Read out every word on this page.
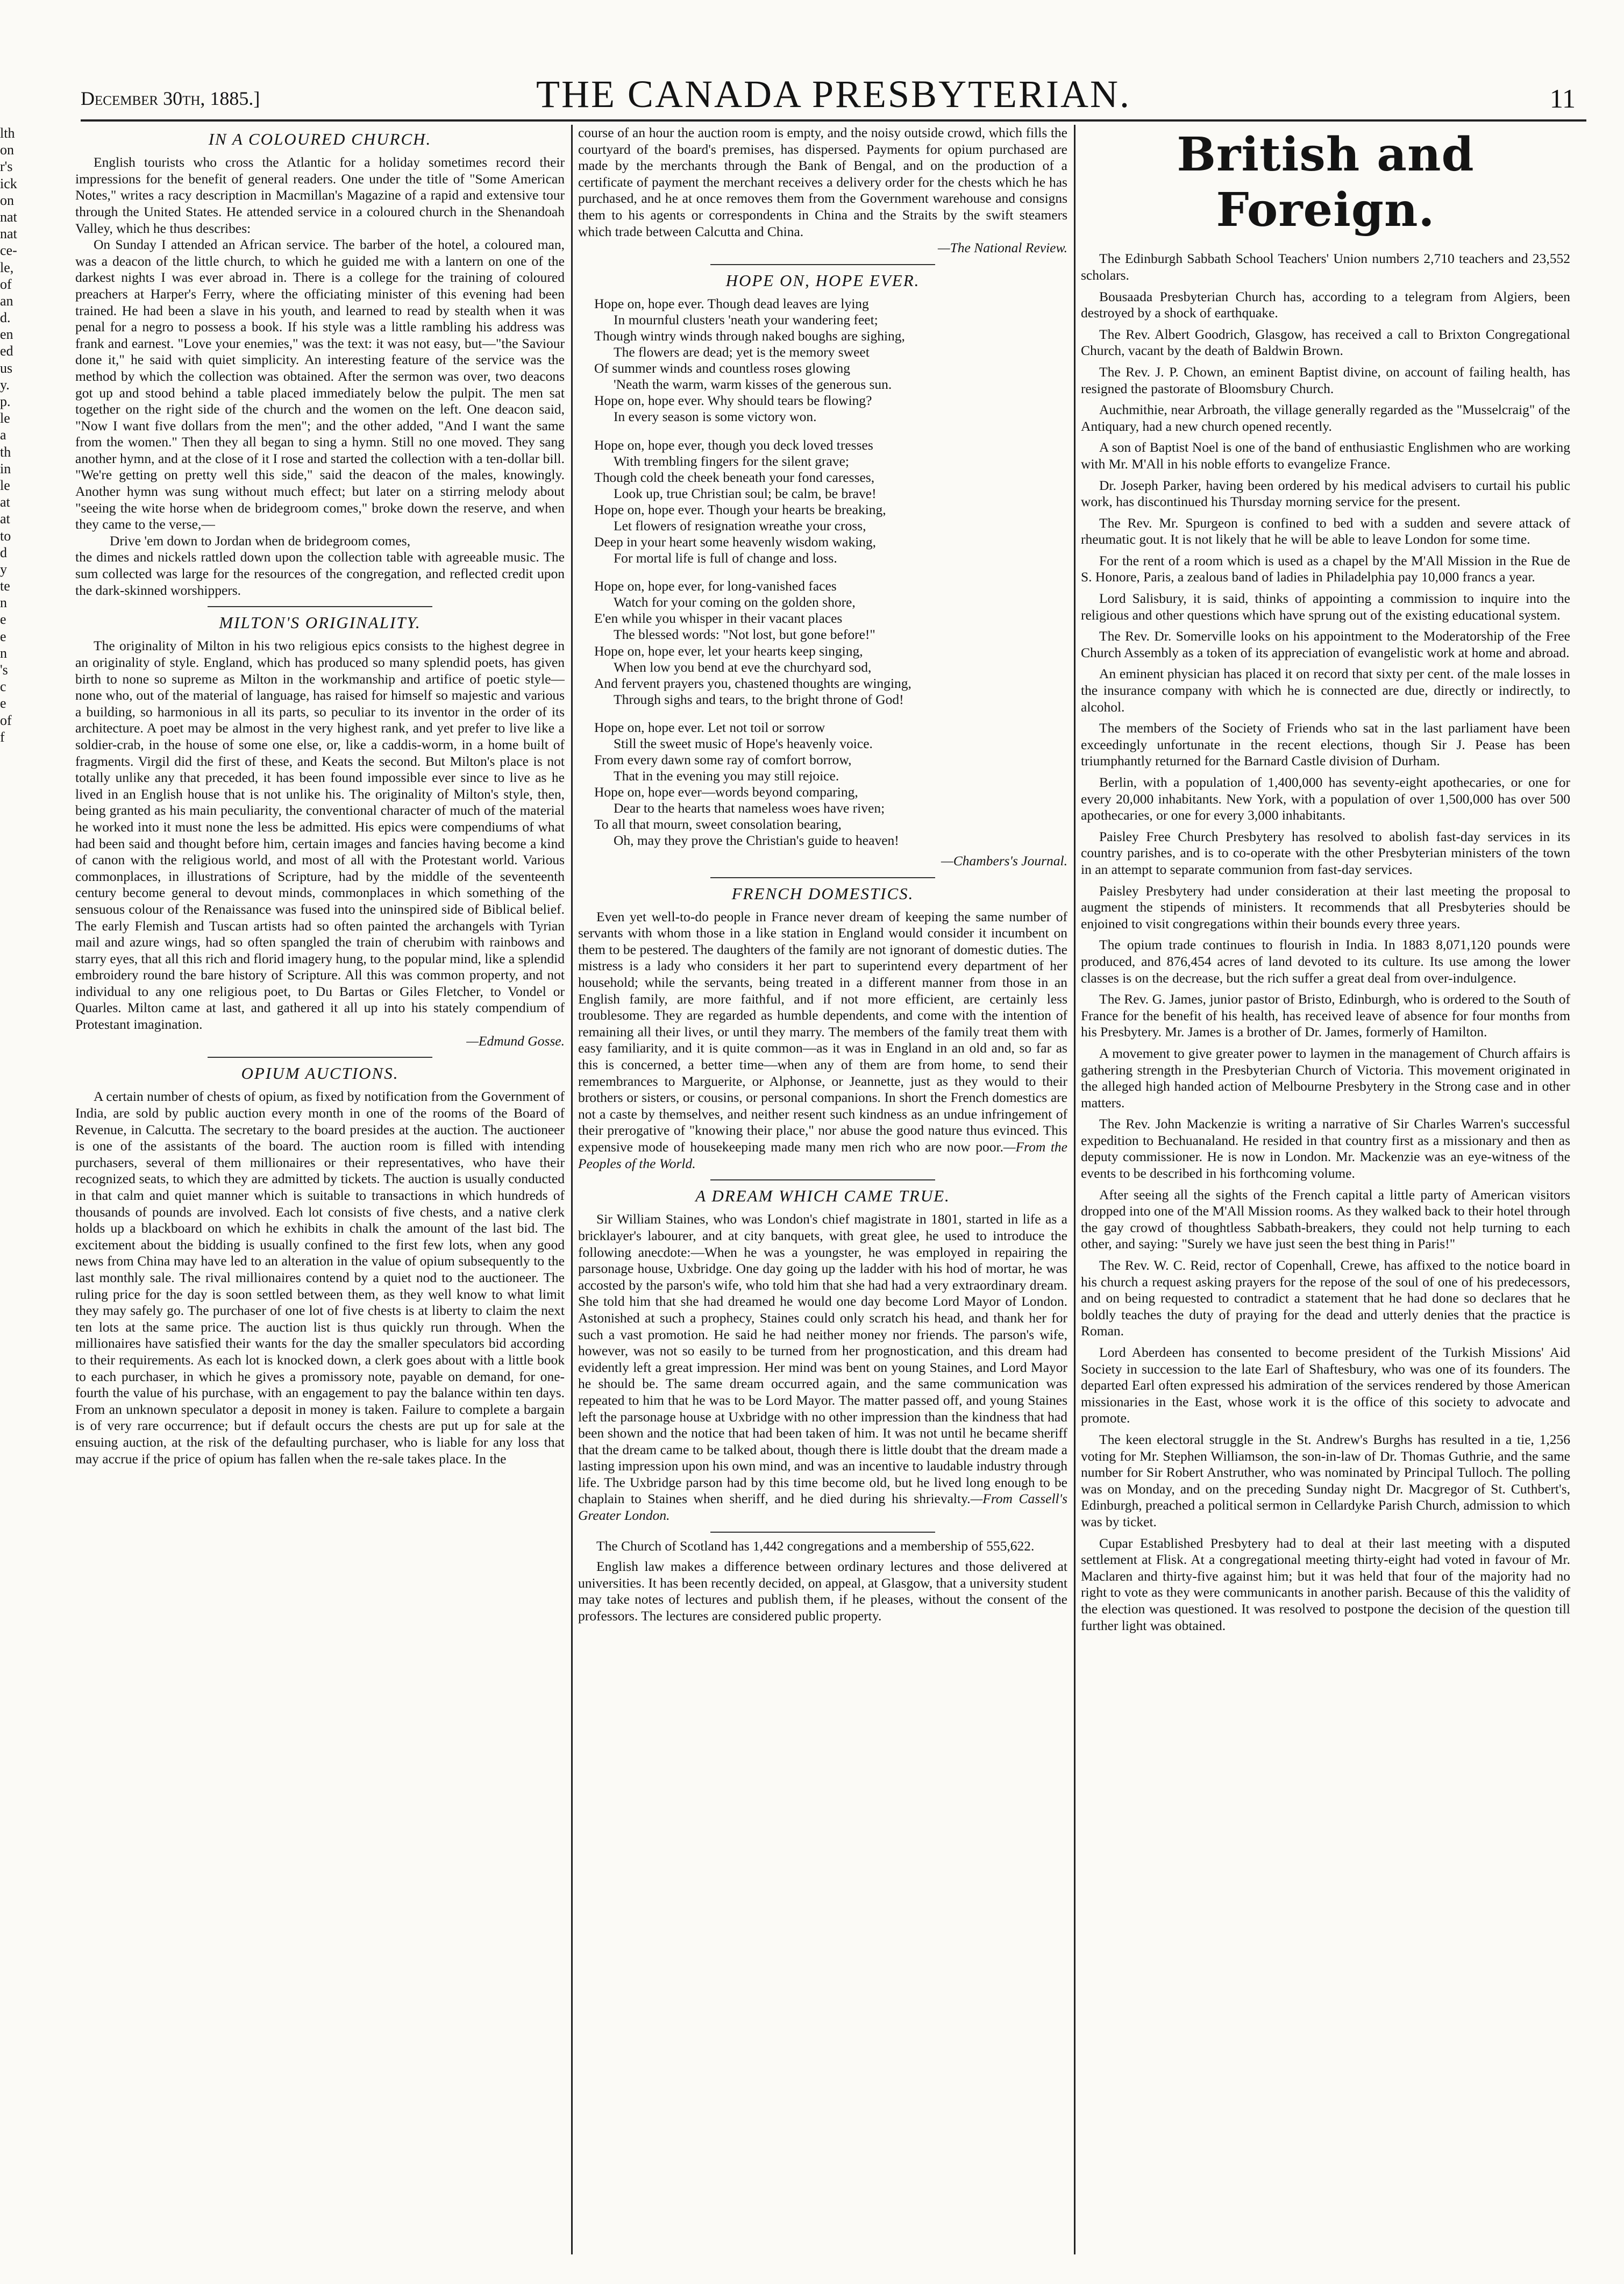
lth
on
r's
ick
on
nat
nat
ce-
le,
of
an
d.
en
ed
us
y.
p.
le
a
th
in
le
at
at
to
d
y
te
n
e
e
n
's
c
e
of
f
December 30th, 1885.]	THE CANADA PRESBYTERIAN.	11
IN A COLOURED CHURCH.

English tourists who cross the Atlantic for a holiday sometimes record their impressions for the benefit of general readers. One under the title of "Some American Notes," writes a racy description in Macmillan's Magazine of a rapid and extensive tour through the United States. He attended service in a coloured church in the Shenandoah Valley, which he thus describes:

On Sunday I attended an African service. The barber of the hotel, a coloured man, was a deacon of the little church, to which he guided me with a lantern on one of the darkest nights I was ever abroad in. There is a college for the training of coloured preachers at Harper's Ferry, where the officiating minister of this evening had been trained. He had been a slave in his youth, and learned to read by stealth when it was penal for a negro to possess a book. If his style was a little rambling his address was frank and earnest. "Love your enemies," was the text: it was not easy, but—"the Saviour done it," he said with quiet simplicity. An interesting feature of the service was the method by which the collection was obtained. After the sermon was over, two deacons got up and stood behind a table placed immediately below the pulpit. The men sat together on the right side of the church and the women on the left. One deacon said, "Now I want five dollars from the men"; and the other added, "And I want the same from the women." Then they all began to sing a hymn. Still no one moved. They sang another hymn, and at the close of it I rose and started the collection with a ten-dollar bill. "We're getting on pretty well this side," said the deacon of the males, knowingly. Another hymn was sung without much effect; but later on a stirring melody about "seeing the wite horse when de bridegroom comes," broke down the reserve, and when they came to the verse,—

Drive 'em down to Jordan when de bridegroom comes,

the dimes and nickels rattled down upon the collection table with agreeable music. The sum collected was large for the resources of the congregation, and reflected credit upon the dark-skinned worshippers.

MILTON'S ORIGINALITY.

The originality of Milton in his two religious epics consists to the highest degree in an originality of style. England, which has produced so many splendid poets, has given birth to none so supreme as Milton in the workmanship and artifice of poetic style—none who, out of the material of language, has raised for himself so majestic and various a building, so harmonious in all its parts, so peculiar to its inventor in the order of its architecture. A poet may be almost in the very highest rank, and yet prefer to live like a soldier-crab, in the house of some one else, or, like a caddis-worm, in a home built of fragments. Virgil did the first of these, and Keats the second. But Milton's place is not totally unlike any that preceded, it has been found impossible ever since to live as he lived in an English house that is not unlike his. The originality of Milton's style, then, being granted as his main peculiarity, the conventional character of much of the material he worked into it must none the less be admitted. His epics were compendiums of what had been said and thought before him, certain images and fancies having become a kind of canon with the religious world, and most of all with the Protestant world. Various commonplaces, in illustrations of Scripture, had by the middle of the seventeenth century become general to devout minds, commonplaces in which something of the sensuous colour of the Renaissance was fused into the uninspired side of Biblical belief. The early Flemish and Tuscan artists had so often painted the archangels with Tyrian mail and azure wings, had so often spangled the train of cherubim with rainbows and starry eyes, that all this rich and florid imagery hung, to the popular mind, like a splendid embroidery round the bare history of Scripture. All this was common property, and not individual to any one religious poet, to Du Bartas or Giles Fletcher, to Vondel or Quarles. Milton came at last, and gathered it all up into his stately compendium of Protestant imagination.

—Edmund Gosse.
OPIUM AUCTIONS.

A certain number of chests of opium, as fixed by notification from the Government of India, are sold by public auction every month in one of the rooms of the Board of Revenue, in Calcutta. The secretary to the board presides at the auction. The auctioneer is one of the assistants of the board. The auction room is filled with intending purchasers, several of them millionaires or their representatives, who have their recognized seats, to which they are admitted by tickets. The auction is usually conducted in that calm and quiet manner which is suitable to transactions in which hundreds of thousands of pounds are involved. Each lot consists of five chests, and a native clerk holds up a blackboard on which he exhibits in chalk the amount of the last bid. The excitement about the bidding is usually confined to the first few lots, when any good news from China may have led to an alteration in the value of opium subsequently to the last monthly sale. The rival millionaires contend by a quiet nod to the auctioneer. The ruling price for the day is soon settled between them, as they well know to what limit they may safely go. The purchaser of one lot of five chests is at liberty to claim the next ten lots at the same price. The auction list is thus quickly run through. When the millionaires have satisfied their wants for the day the smaller speculators bid according to their requirements. As each lot is knocked down, a clerk goes about with a little book to each purchaser, in which he gives a promissory note, payable on demand, for one-fourth the value of his purchase, with an engagement to pay the balance within ten days. From an unknown speculator a deposit in money is taken. Failure to complete a bargain is of very rare occurrence; but if default occurs the chests are put up for sale at the ensuing auction, at the risk of the defaulting purchaser, who is liable for any loss that may accrue if the price of opium has fallen when the re-sale takes place. In the

course of an hour the auction room is empty, and the noisy outside crowd, which fills the courtyard of the board's premises, has dispersed. Payments for opium purchased are made by the merchants through the Bank of Bengal, and on the production of a certificate of payment the merchant receives a delivery order for the chests which he has purchased, and he at once removes them from the Government warehouse and consigns them to his agents or correspondents in China and the Straits by the swift steamers which trade between Calcutta and China.

—The National Review.
HOPE ON, HOPE EVER.
Hope on, hope ever. Though dead leaves are lying
In mournful clusters 'neath your wandering feet;
Though wintry winds through naked boughs are sighing,
The flowers are dead; yet is the memory sweet
Of summer winds and countless roses glowing
'Neath the warm, warm kisses of the generous sun.
Hope on, hope ever. Why should tears be flowing?
In every season is some victory won.
Hope on, hope ever, though you deck loved tresses
With trembling fingers for the silent grave;
Though cold the cheek beneath your fond caresses,
Look up, true Christian soul; be calm, be brave!
Hope on, hope ever. Though your hearts be breaking,
Let flowers of resignation wreathe your cross,
Deep in your heart some heavenly wisdom waking,
For mortal life is full of change and loss.
Hope on, hope ever, for long-vanished faces
Watch for your coming on the golden shore,
E'en while you whisper in their vacant places
The blessed words: "Not lost, but gone before!"
Hope on, hope ever, let your hearts keep singing,
When low you bend at eve the churchyard sod,
And fervent prayers you, chastened thoughts are winging,
Through sighs and tears, to the bright throne of God!
Hope on, hope ever. Let not toil or sorrow
Still the sweet music of Hope's heavenly voice.
From every dawn some ray of comfort borrow,
That in the evening you may still rejoice.
Hope on, hope ever—words beyond comparing,
Dear to the hearts that nameless woes have riven;
To all that mourn, sweet consolation bearing,
Oh, may they prove the Christian's guide to heaven!
—Chambers's Journal.
FRENCH DOMESTICS.

Even yet well-to-do people in France never dream of keeping the same number of servants with whom those in a like station in England would consider it incumbent on them to be pestered. The daughters of the family are not ignorant of domestic duties. The mistress is a lady who considers it her part to superintend every department of her household; while the servants, being treated in a different manner from those in an English family, are more faithful, and if not more efficient, are certainly less troublesome. They are regarded as humble dependents, and come with the intention of remaining all their lives, or until they marry. The members of the family treat them with easy familiarity, and it is quite common—as it was in England in an old and, so far as this is concerned, a better time—when any of them are from home, to send their remembrances to Marguerite, or Alphonse, or Jeannette, just as they would to their brothers or sisters, or cousins, or personal companions. In short the French domestics are not a caste by themselves, and neither resent such kindness as an undue infringement of their prerogative of "knowing their place," nor abuse the good nature thus evinced. This expensive mode of housekeeping made many men rich who are now poor.—From the Peoples of the World.

A DREAM WHICH CAME TRUE.

Sir William Staines, who was London's chief magistrate in 1801, started in life as a bricklayer's labourer, and at city banquets, with great glee, he used to introduce the following anecdote:—When he was a youngster, he was employed in repairing the parsonage house, Uxbridge. One day going up the ladder with his hod of mortar, he was accosted by the parson's wife, who told him that she had had a very extraordinary dream. She told him that she had dreamed he would one day become Lord Mayor of London. Astonished at such a prophecy, Staines could only scratch his head, and thank her for such a vast promotion. He said he had neither money nor friends. The parson's wife, however, was not so easily to be turned from her prognostication, and this dream had evidently left a great impression. Her mind was bent on young Staines, and Lord Mayor he should be. The same dream occurred again, and the same communication was repeated to him that he was to be Lord Mayor. The matter passed off, and young Staines left the parsonage house at Uxbridge with no other impression than the kindness that had been shown and the notice that had been taken of him. It was not until he became sheriff that the dream came to be talked about, though there is little doubt that the dream made a lasting impression upon his own mind, and was an incentive to laudable industry through life. The Uxbridge parson had by this time become old, but he lived long enough to be chaplain to Staines when sheriff, and he died during his shrievalty.—From Cassell's Greater London.

The Church of Scotland has 1,442 congregations and a membership of 555,622.

English law makes a difference between ordinary lectures and those delivered at universities. It has been recently decided, on appeal, at Glasgow, that a university student may take notes of lectures and publish them, if he pleases, without the consent of the professors. The lectures are considered public property.

British and Foreign.

The Edinburgh Sabbath School Teachers' Union numbers 2,710 teachers and 23,552 scholars.

Bousaada Presbyterian Church has, according to a telegram from Algiers, been destroyed by a shock of earthquake.

The Rev. Albert Goodrich, Glasgow, has received a call to Brixton Congregational Church, vacant by the death of Baldwin Brown.

The Rev. J. P. Chown, an eminent Baptist divine, on account of failing health, has resigned the pastorate of Bloomsbury Church.

Auchmithie, near Arbroath, the village generally regarded as the "Musselcraig" of the Antiquary, had a new church opened recently.

A son of Baptist Noel is one of the band of enthusiastic Englishmen who are working with Mr. M'All in his noble efforts to evangelize France.

Dr. Joseph Parker, having been ordered by his medical advisers to curtail his public work, has discontinued his Thursday morning service for the present.

The Rev. Mr. Spurgeon is confined to bed with a sudden and severe attack of rheumatic gout. It is not likely that he will be able to leave London for some time.

For the rent of a room which is used as a chapel by the M'All Mission in the Rue de S. Honore, Paris, a zealous band of ladies in Philadelphia pay 10,000 francs a year.

Lord Salisbury, it is said, thinks of appointing a commission to inquire into the religious and other questions which have sprung out of the existing educational system.

The Rev. Dr. Somerville looks on his appointment to the Moderatorship of the Free Church Assembly as a token of its appreciation of evangelistic work at home and abroad.

An eminent physician has placed it on record that sixty per cent. of the male losses in the insurance company with which he is connected are due, directly or indirectly, to alcohol.

The members of the Society of Friends who sat in the last parliament have been exceedingly unfortunate in the recent elections, though Sir J. Pease has been triumphantly returned for the Barnard Castle division of Durham.

Berlin, with a population of 1,400,000 has seventy-eight apothecaries, or one for every 20,000 inhabitants. New York, with a population of over 1,500,000 has over 500 apothecaries, or one for every 3,000 inhabitants.

Paisley Free Church Presbytery has resolved to abolish fast-day services in its country parishes, and is to co-operate with the other Presbyterian ministers of the town in an attempt to separate communion from fast-day services.

Paisley Presbytery had under consideration at their last meeting the proposal to augment the stipends of ministers. It recommends that all Presbyteries should be enjoined to visit congregations within their bounds every three years.

The opium trade continues to flourish in India. In 1883 8,071,120 pounds were produced, and 876,454 acres of land devoted to its culture. Its use among the lower classes is on the decrease, but the rich suffer a great deal from over-indulgence.

The Rev. G. James, junior pastor of Bristo, Edinburgh, who is ordered to the South of France for the benefit of his health, has received leave of absence for four months from his Presbytery. Mr. James is a brother of Dr. James, formerly of Hamilton.

A movement to give greater power to laymen in the management of Church affairs is gathering strength in the Presbyterian Church of Victoria. This movement originated in the alleged high handed action of Melbourne Presbytery in the Strong case and in other matters.

The Rev. John Mackenzie is writing a narrative of Sir Charles Warren's successful expedition to Bechuanaland. He resided in that country first as a missionary and then as deputy commissioner. He is now in London. Mr. Mackenzie was an eye-witness of the events to be described in his forthcoming volume.

After seeing all the sights of the French capital a little party of American visitors dropped into one of the M'All Mission rooms. As they walked back to their hotel through the gay crowd of thoughtless Sabbath-breakers, they could not help turning to each other, and saying: "Surely we have just seen the best thing in Paris!"

The Rev. W. C. Reid, rector of Copenhall, Crewe, has affixed to the notice board in his church a request asking prayers for the repose of the soul of one of his predecessors, and on being requested to contradict a statement that he had done so declares that he boldly teaches the duty of praying for the dead and utterly denies that the practice is Roman.

Lord Aberdeen has consented to become president of the Turkish Missions' Aid Society in succession to the late Earl of Shaftesbury, who was one of its founders. The departed Earl often expressed his admiration of the services rendered by those American missionaries in the East, whose work it is the office of this society to advocate and promote.

The keen electoral struggle in the St. Andrew's Burghs has resulted in a tie, 1,256 voting for Mr. Stephen Williamson, the son-in-law of Dr. Thomas Guthrie, and the same number for Sir Robert Anstruther, who was nominated by Principal Tulloch. The polling was on Monday, and on the preceding Sunday night Dr. Macgregor of St. Cuthbert's, Edinburgh, preached a political sermon in Cellardyke Parish Church, admission to which was by ticket.

Cupar Established Presbytery had to deal at their last meeting with a disputed settlement at Flisk. At a congregational meeting thirty-eight had voted in favour of Mr. Maclaren and thirty-five against him; but it was held that four of the majority had no right to vote as they were communicants in another parish. Because of this the validity of the election was questioned. It was resolved to postpone the decision of the question till further light was obtained.
